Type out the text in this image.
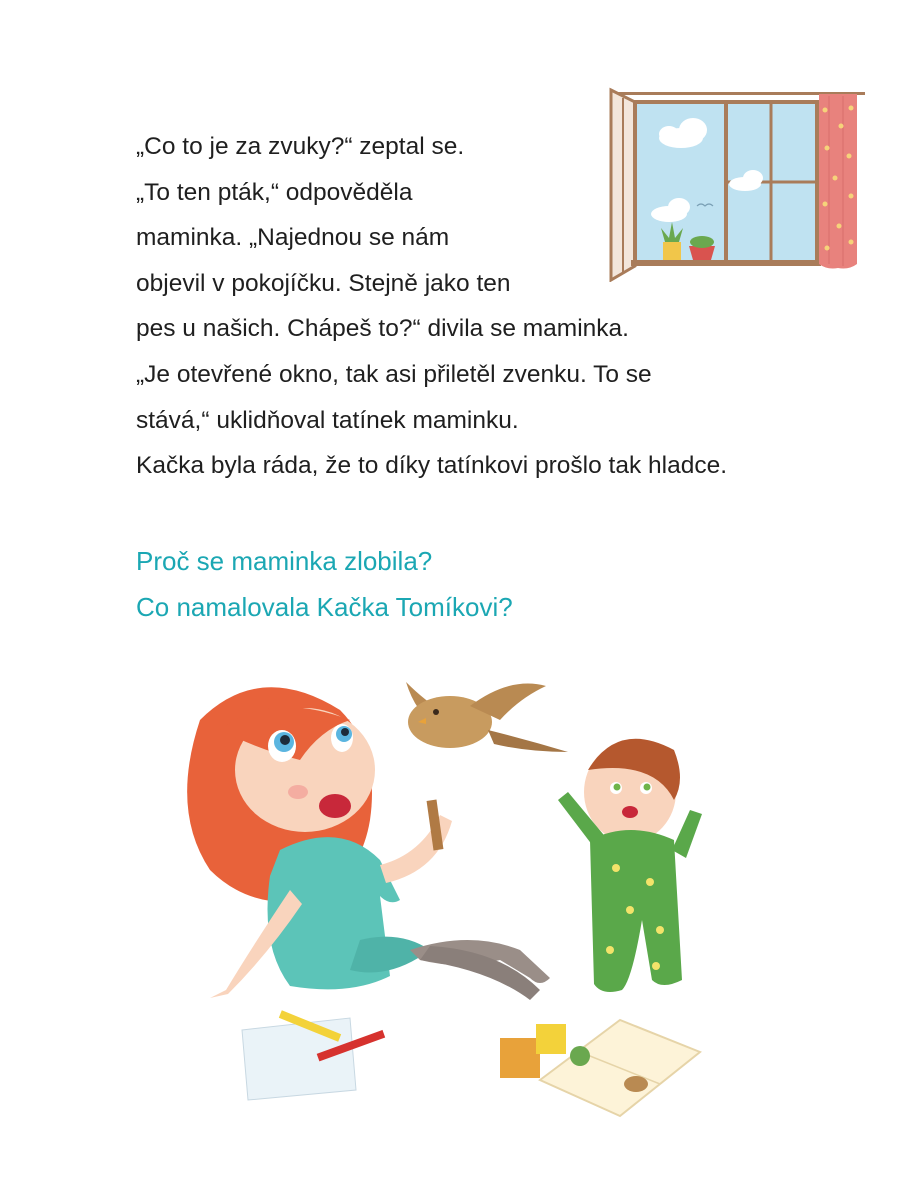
„Co to je za zvuky?“ zeptal se.

„To ten pták,“ odpověděla

maminka. „Najednou se nám

objevil v pokojíčku. Stejně jako ten

pes u našich. Chápeš to?“ divila se maminka.

„Je otevřené okno, tak asi přiletěl zvenku. To se

stává,“ uklidňoval tatínek maminku.

Kačka byla ráda, že to díky tatínkovi prošlo tak hladce.

Proč se maminka zlobila?

Co namalovala Kačka Tomíkovi?
